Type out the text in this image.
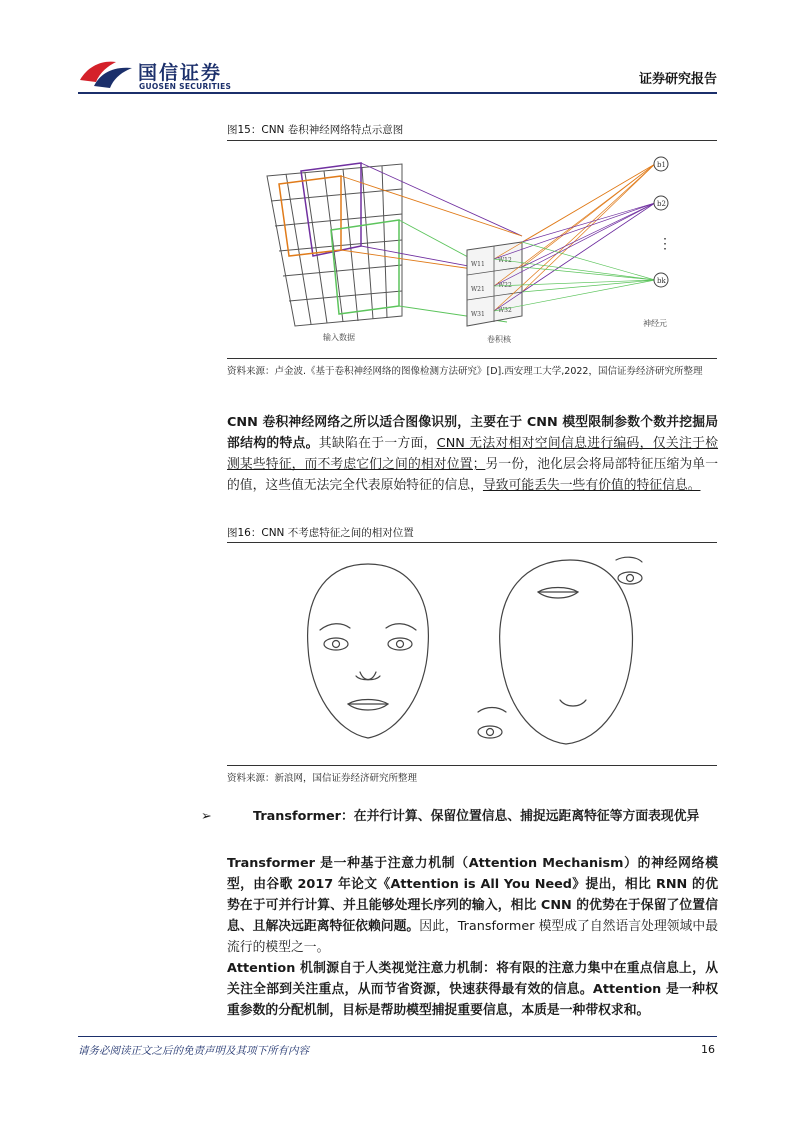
国信证券
GUOSEN SECURITIES	证券研究报告
图15：CNN 卷积神经网络特点示意图
W11
W12
W21
W22
W31
W32
b1
b2
bk
⋮
输入数据	卷积核
神经元
资料来源：卢金波.《基于卷积神经网络的图像检测方法研究》[D].西安理工大学,2022，国信证券经济研究所整理
CNN 卷积神经网络之所以适合图像识别，主要在于 CNN 模型限制参数个数并挖掘局部结构的特点。其缺陷在于一方面，CNN 无法对相对空间信息进行编码，仅关注于检测某些特征，而不考虑它们之间的相对位置；另一份，池化层会将局部特征压缩为单一的值，这些值无法完全代表原始特征的信息，导致可能丢失一些有价值的特征信息。
图16：CNN 不考虑特征之间的相对位置
资料来源：新浪网，国信证券经济研究所整理
➢	Transformer：在并行计算、保留位置信息、捕捉远距离特征等方面表现优异
Transformer 是一种基于注意力机制（Attention Mechanism）的神经网络模型，由谷歌 2017 年论文《Attention is All You Need》提出，相比 RNN 的优势在于可并行计算、并且能够处理长序列的输入，相比 CNN 的优势在于保留了位置信息、且解决远距离特征依赖问题。因此，Transformer 模型成了自然语言处理领域中最流行的模型之一。
Attention 机制源自于人类视觉注意力机制：将有限的注意力集中在重点信息上，从关注全部到关注重点，从而节省资源，快速获得最有效的信息。Attention 是一种权重参数的分配机制，目标是帮助模型捕捉重要信息，本质是一种带权求和。
请务必阅读正文之后的免责声明及其项下所有内容	16
